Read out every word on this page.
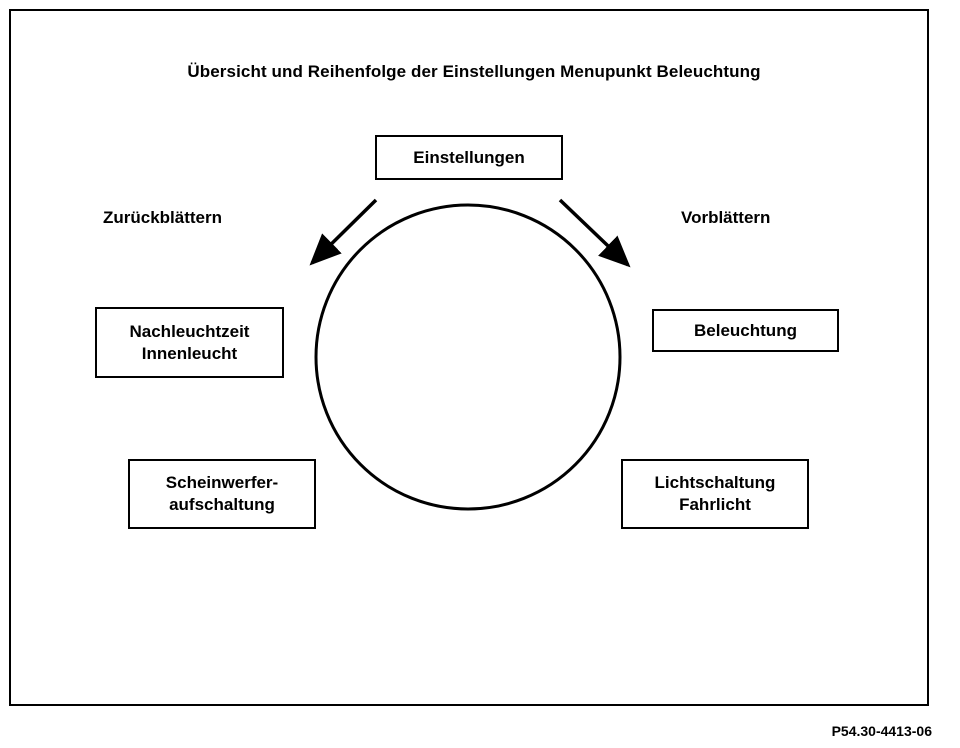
Übersicht und Reihenfolge der Einstellungen Menupunkt Beleuchtung
Zurückblättern	Vorblättern
Einstellungen
Beleuchtung
Lichtschaltung
Fahrlicht
Scheinwerfer-
aufschaltung
Nachleuchtzeit
Innenleucht
P54.30-4413-06
